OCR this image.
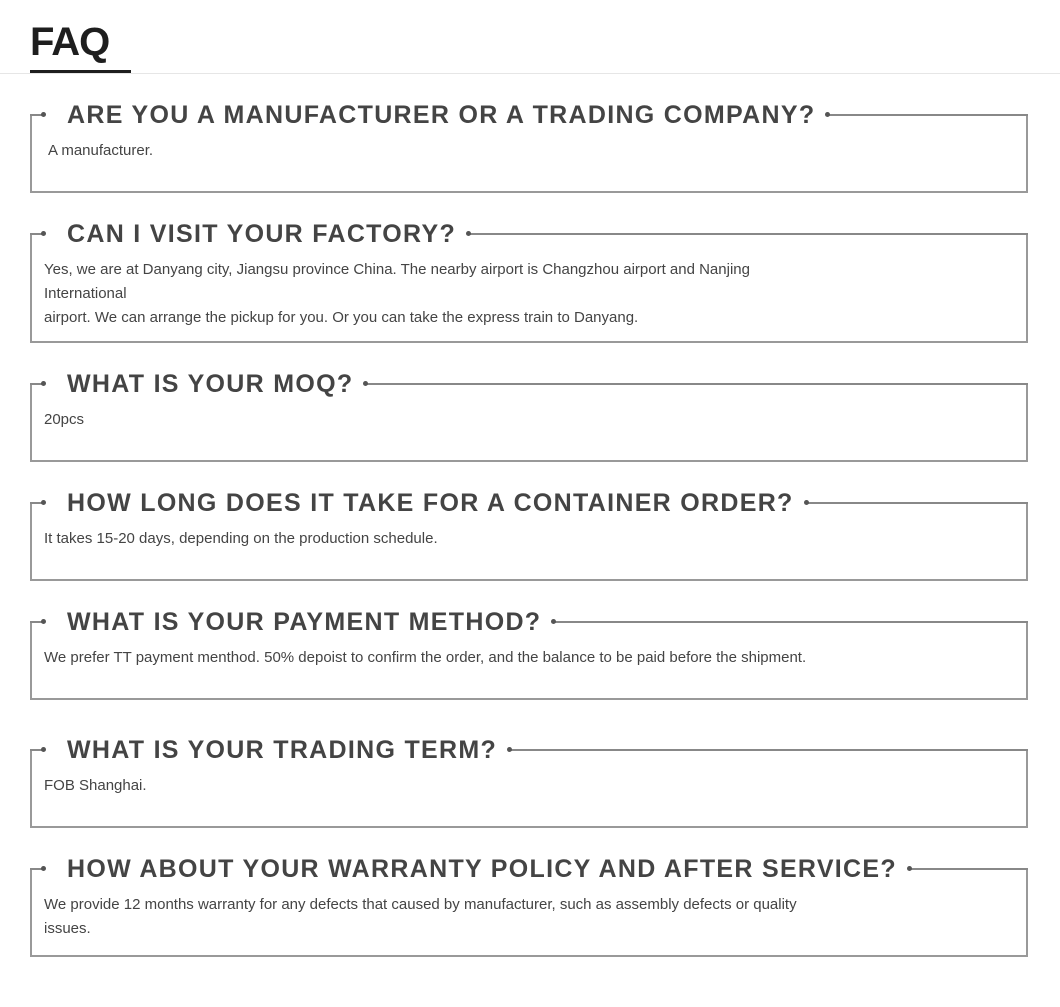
FAQ
ARE YOU A MANUFACTURER OR A TRADING COMPANY?
A manufacturer.
CAN I VISIT YOUR FACTORY?
Yes, we are at Danyang city, Jiangsu province China. The nearby airport is Changzhou airport and Nanjing International
airport. We can arrange the pickup for you. Or you can take the express train to Danyang.
WHAT IS YOUR MOQ?
20pcs
HOW LONG DOES IT TAKE FOR A CONTAINER ORDER?
It takes 15-20 days, depending on the production schedule.
WHAT IS YOUR PAYMENT METHOD?
We prefer TT payment menthod. 50% depoist to confirm the order, and the balance to be paid before the shipment.
WHAT IS YOUR TRADING TERM?
FOB Shanghai.
HOW ABOUT YOUR WARRANTY POLICY AND AFTER SERVICE?
We provide 12 months warranty for any defects that caused by manufacturer, such as assembly defects or quality issues.
